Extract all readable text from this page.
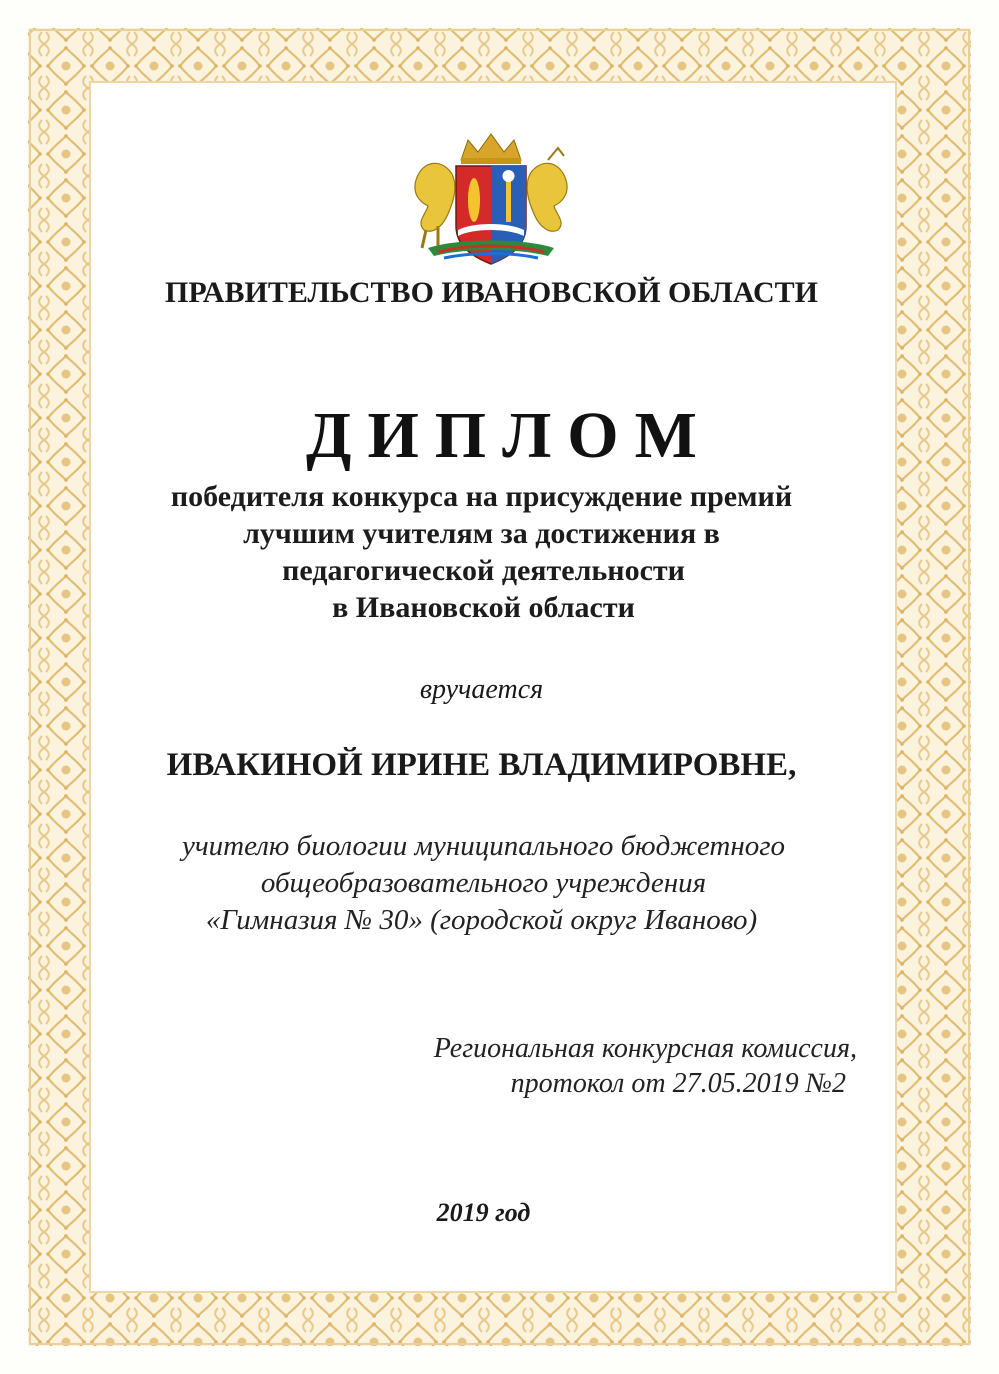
ПРАВИТЕЛЬСТВО ИВАНОВСКОЙ ОБЛАСТИ

ДИПЛОМ

победителя конкурса на присуждение премий

лучшим учителям за достижения в

педагогической деятельности

в Ивановской области

вручается

ИВАКИНОЙ ИРИНЕ ВЛАДИМИРОВНЕ,

учителю биологии муниципального бюджетного

общеобразовательного учреждения

«Гимназия № 30» (городской округ Иваново)

Региональная конкурсная комиссия,

протокол от 27.05.2019 №2

2019 год
